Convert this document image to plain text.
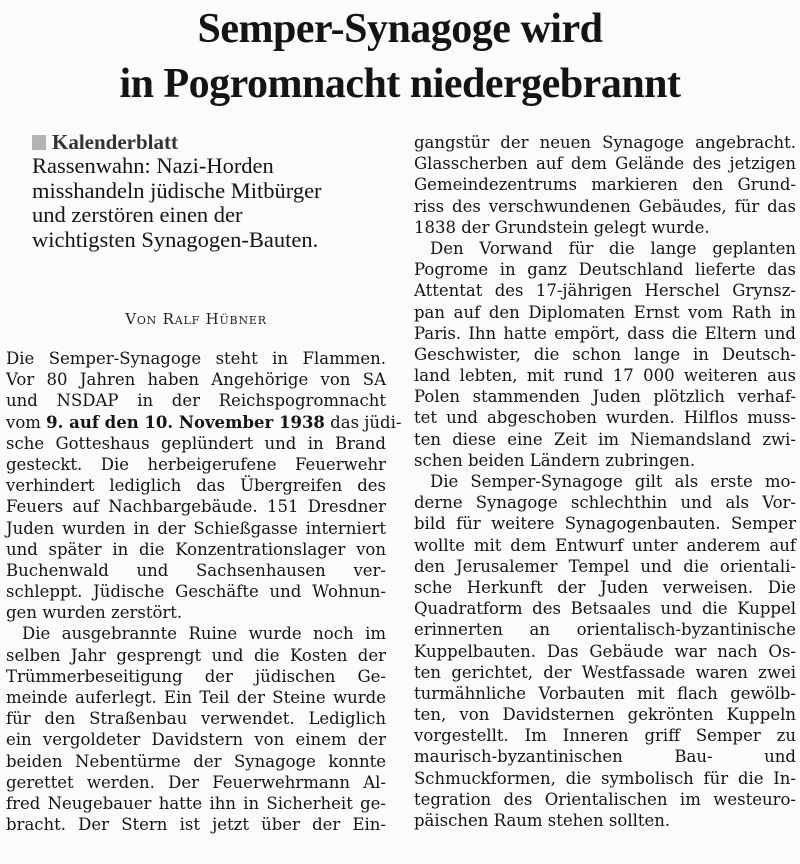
Semper-Synagoge wird
in Pogromnacht niedergebrannt

Kalenderblatt

Rassenwahn: Nazi-Horden
misshandeln jüdische Mitbürger
und zerstören einen der
wichtigsten Synagogen-Bauten.

Von Ralf Hübner

Die Semper-Synagoge steht in Flammen.
Vor 80 Jahren haben Angehörige von SA
und NSDAP in der Reichspogromnacht
vom 9. auf den 10. November 1938 das jüdi-
sche Gotteshaus geplündert und in Brand
gesteckt. Die herbeigerufene Feuerwehr
verhindert lediglich das Übergreifen des
Feuers auf Nachbargebäude. 151 Dresdner
Juden wurden in der Schießgasse interniert
und später in die Konzentrationslager von
Buchenwald und Sachsenhausen ver-
schleppt. Jüdische Geschäfte und Wohnun-
gen wurden zerstört.
Die ausgebrannte Ruine wurde noch im
selben Jahr gesprengt und die Kosten der
Trümmerbeseitigung der jüdischen Ge-
meinde auferlegt. Ein Teil der Steine wurde
für den Straßenbau verwendet. Lediglich
ein vergoldeter Davidstern von einem der
beiden Nebentürme der Synagoge konnte
gerettet werden. Der Feuerwehrmann Al-
fred Neugebauer hatte ihn in Sicherheit ge-
bracht. Der Stern ist jetzt über der Ein-
gangstür der neuen Synagoge angebracht.
Glasscherben auf dem Gelände des jetzigen
Gemeindezentrums markieren den Grund-
riss des verschwundenen Gebäudes, für das
1838 der Grundstein gelegt wurde.
Den Vorwand für die lange geplanten
Pogrome in ganz Deutschland lieferte das
Attentat des 17-jährigen Herschel Grynsz-
pan auf den Diplomaten Ernst vom Rath in
Paris. Ihn hatte empört, dass die Eltern und
Geschwister, die schon lange in Deutsch-
land lebten, mit rund 17 000 weiteren aus
Polen stammenden Juden plötzlich verhaf-
tet und abgeschoben wurden. Hilflos muss-
ten diese eine Zeit im Niemandsland zwi-
schen beiden Ländern zubringen.
Die Semper-Synagoge gilt als erste mo-
derne Synagoge schlechthin und als Vor-
bild für weitere Synagogenbauten. Semper
wollte mit dem Entwurf unter anderem auf
den Jerusalemer Tempel und die orientali-
sche Herkunft der Juden verweisen. Die
Quadratform des Betsaales und die Kuppel
erinnerten an orientalisch-byzantinische
Kuppelbauten. Das Gebäude war nach Os-
ten gerichtet, der Westfassade waren zwei
turmähnliche Vorbauten mit flach gewölb-
ten, von Davidsternen gekrönten Kuppeln
vorgestellt. Im Inneren griff Semper zu
maurisch-byzantinischen Bau- und
Schmuckformen, die symbolisch für die In-
tegration des Orientalischen im westeuro-
päischen Raum stehen sollten.
